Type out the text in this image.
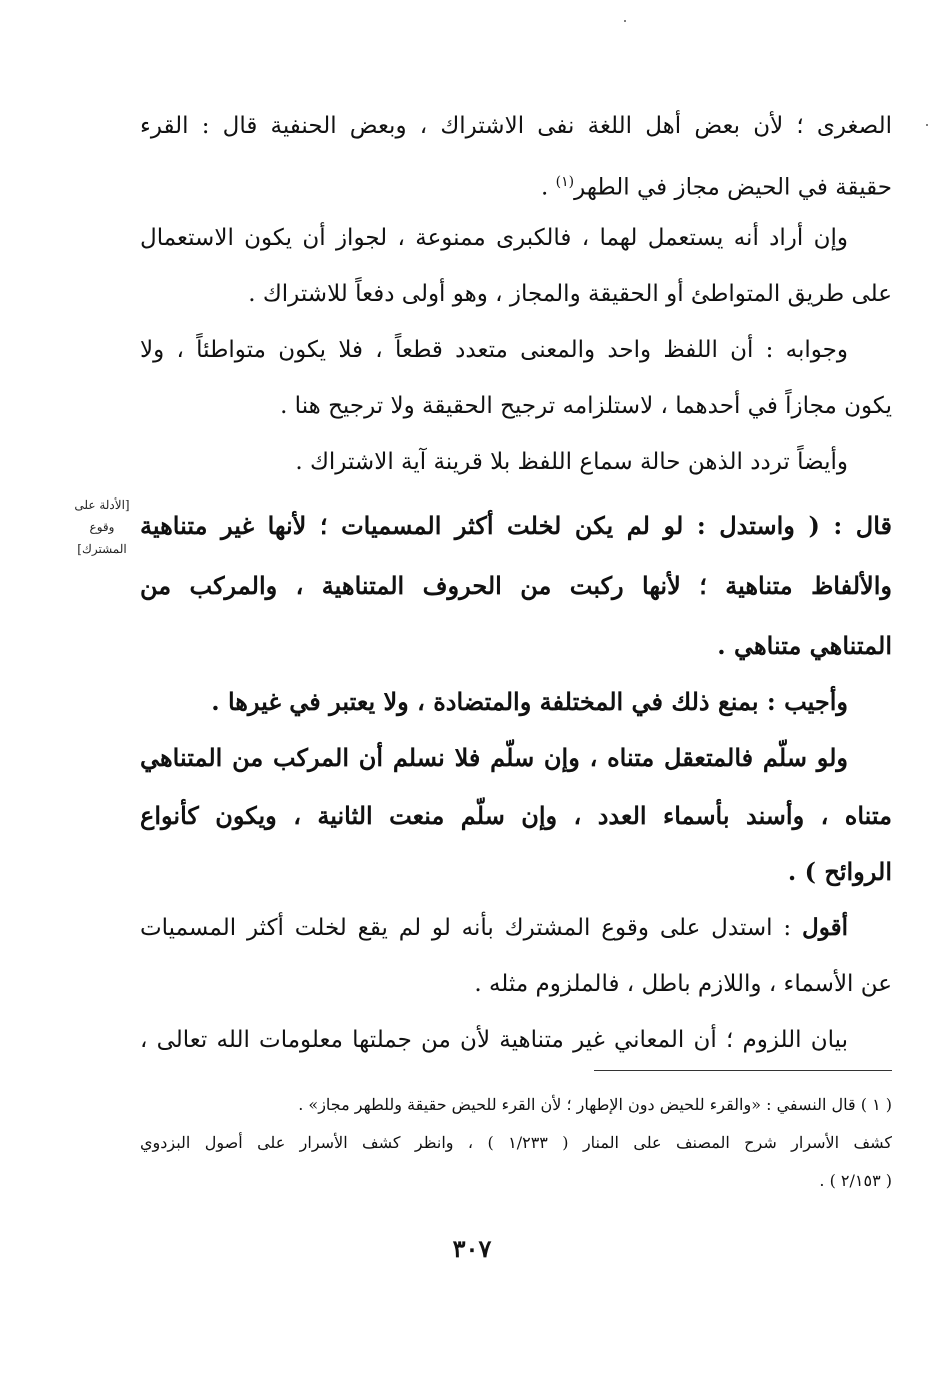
الصغرى ؛ لأن بعض أهل اللغة نفى الاشتراك ، وبعض الحنفية قال : القرء
حقيقة في الحيض مجاز في الطهر$^{(١)}$ .
وإن أراد أنه يستعمل لهما ، فالكبرى ممنوعة ، لجواز أن يكون الاستعمال
على طريق المتواطئ أو الحقيقة والمجاز ، وهو أولى دفعاً للاشتراك .
وجوابه : أن اللفظ واحد والمعنى متعدد قطعاً ، فلا يكون متواطئاً ، ولا
يكون مجازاً في أحدهما ، لاستلزامه ترجيح الحقيقة ولا ترجيح هنا .
وأيضاً تردد الذهن حالة سماع اللفظ بلا قرينة آية الاشتراك .
قال : ( واستدل : لو لم يكن لخلت أكثر المسميات ؛ لأنها غير متناهية
والألفاظ متناهية ؛ لأنها ركبت من الحروف المتناهية ، والمركب من
المتناهي متناهي .
وأجيب : بمنع ذلك في المختلفة والمتضادة ، ولا يعتبر في غيرها .
ولو سلّم فالمتعقل متناه ، وإن سلّم فلا نسلم أن المركب من المتناهي
متناه ، وأسند بأسماء العدد ، وإن سلّم منعت الثانية ، ويكون كأنواع
الروائح ) .
أقول : استدل على وقوع المشترك بأنه لو لم يقع لخلت أكثر المسميات
عن الأسماء ، واللازم باطل ، فالملزوم مثله .
بيان اللزوم ؛ أن المعاني غير متناهية لأن من جملتها معلومات الله تعالى ،
[الأدلة على
وقوع
المشترك]
( ١ ) قال النسفي : «والقرء للحيض دون الإطهار ؛ لأن القرء للحيض حقيقة وللطهر مجاز» .
كشف الأسرار شرح المصنف على المنار ( ١/٢٣٣ ) ، وانظر كشف الأسرار على أصول البزدوي
( ٢/١٥٣ ) .
٣٠٧
